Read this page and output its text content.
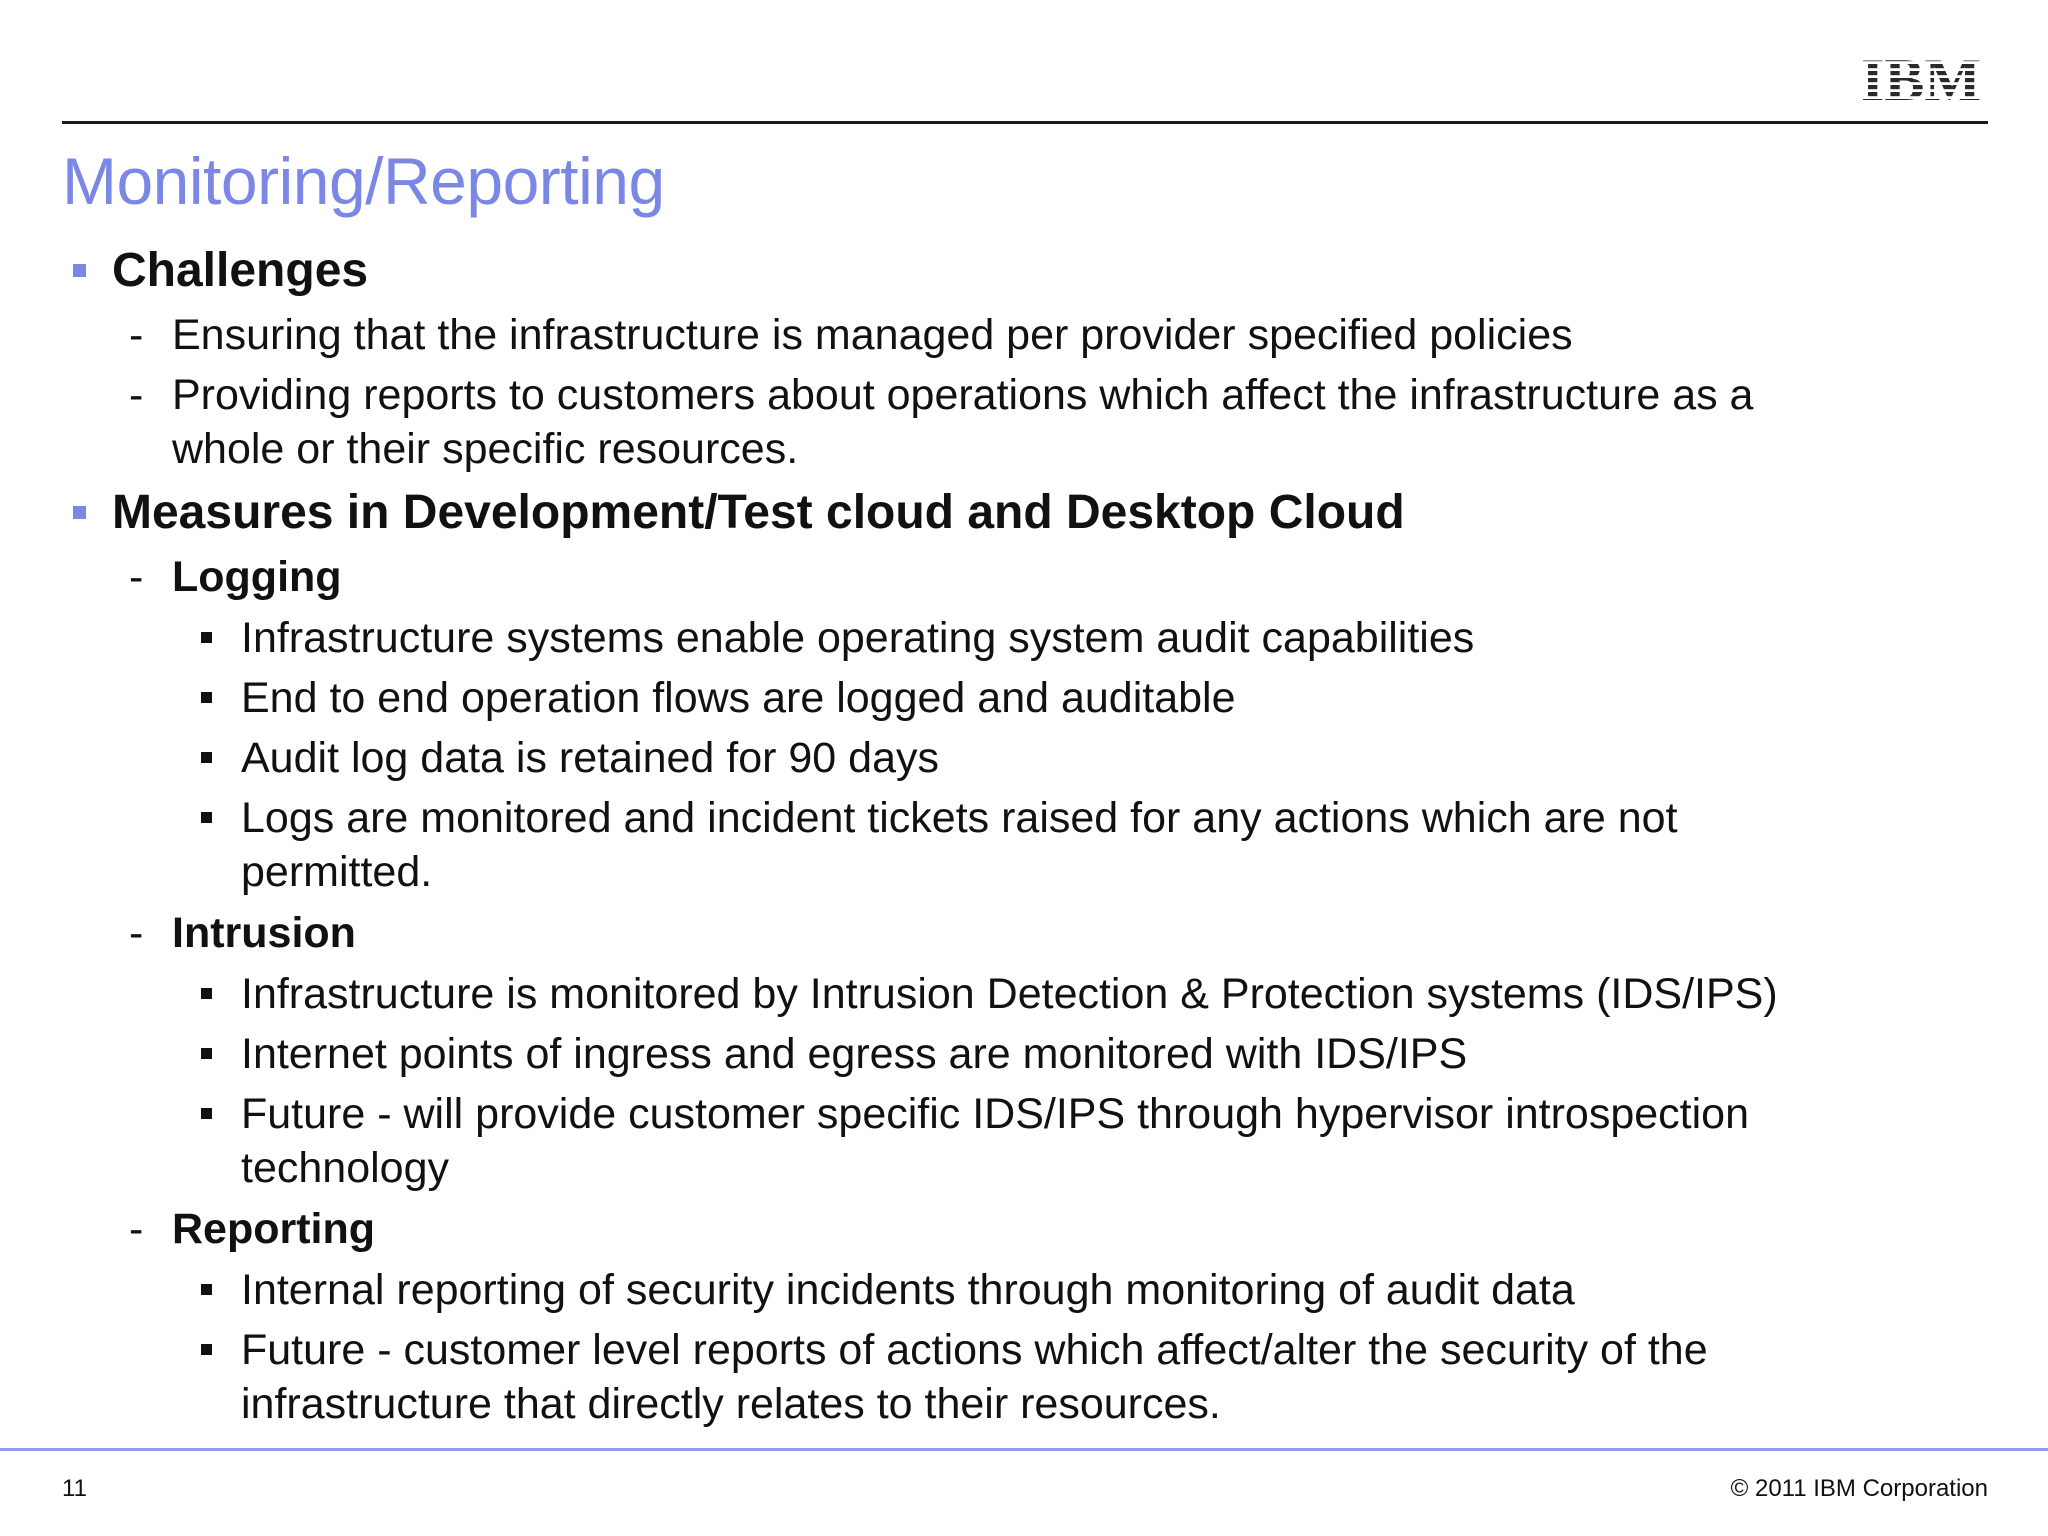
IBM
Monitoring/Reporting
Challenges
- Ensuring that the infrastructure is managed per provider specified policies
- Providing reports to customers about operations which affect the infrastructure as a
whole or their specific resources.
Measures in Development/Test cloud and Desktop Cloud
- Logging
Infrastructure systems enable operating system audit capabilities
End to end operation flows are logged and auditable
Audit log data is retained for 90 days
Logs are monitored and incident tickets raised for any actions which are not
permitted.
- Intrusion
Infrastructure is monitored by Intrusion Detection & Protection systems (IDS/IPS)
Internet points of ingress and egress are monitored with IDS/IPS
Future - will provide customer specific IDS/IPS through hypervisor introspection
technology
- Reporting
Internal reporting of security incidents through monitoring of audit data
Future - customer level reports of actions which affect/alter the security of the
infrastructure that directly relates to their resources.
11	© 2011 IBM Corporation
